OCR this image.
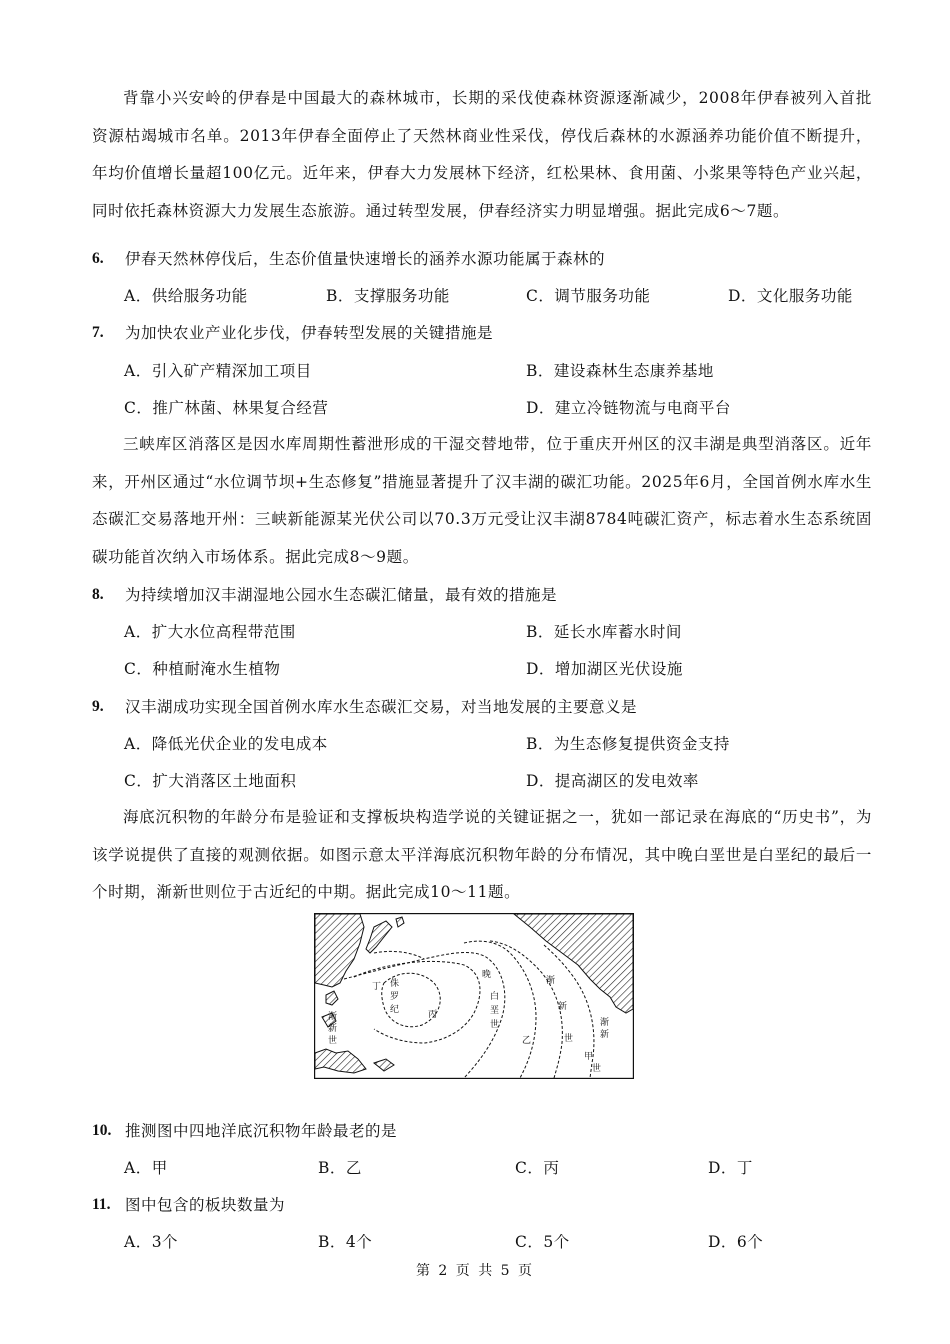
背靠小兴安岭的伊春是中国最大的森林城市，长期的采伐使森林资源逐渐减少，2008年伊春被列入首批资源枯竭城市名单。2013年伊春全面停止了天然林商业性采伐，停伐后森林的水源涵养功能价值不断提升，年均价值增长量超100亿元。近年来，伊春大力发展林下经济，红松果林、食用菌、小浆果等特色产业兴起，同时依托森林资源大力发展生态旅游。通过转型发展，伊春经济实力明显增强。据此完成6～7题。

6. 伊春天然林停伐后，生态价值量快速增长的涵养水源功能属于森林的
A．供给服务功能	B．支撑服务功能	C．调节服务功能	D．文化服务功能
7. 为加快农业产业化步伐，伊春转型发展的关键措施是
A．引入矿产精深加工项目	B．建设森林生态康养基地
C．推广林菌、林果复合经营	D．建立冷链物流与电商平台

三峡库区消落区是因水库周期性蓄泄形成的干湿交替地带，位于重庆开州区的汉丰湖是典型消落区。近年来，开州区通过“水位调节坝+生态修复”措施显著提升了汉丰湖的碳汇功能。2025年6月，全国首例水库水生态碳汇交易落地开州：三峡新能源某光伏公司以70.3万元受让汉丰湖8784吨碳汇资产，标志着水生态系统固碳功能首次纳入市场体系。据此完成8～9题。

8. 为持续增加汉丰湖湿地公园水生态碳汇储量，最有效的措施是
A．扩大水位高程带范围	B．延长水库蓄水时间
C．种植耐淹水生植物	D．增加湖区光伏设施
9. 汉丰湖成功实现全国首例水库水生态碳汇交易，对当地发展的主要意义是
A．降低光伏企业的发电成本	B．为生态修复提供资金支持
C．扩大消落区土地面积	D．提高湖区的发电效率

海底沉积物的年龄分布是验证和支撑板块构造学说的关键证据之一，犹如一部记录在海底的“历史书”，为该学说提供了直接的观测依据。如图示意太平洋海底沉积物年龄的分布情况，其中晚白垩世是白垩纪的最后一个时期，渐新世则位于古近纪的中期。据此完成10～11题。

丁 侏
罗
纪	丙
晚
白
垩
世
乙
渐
新
世
渐
新
世
渐
新
甲
世
10. 推测图中四地洋底沉积物年龄最老的是
A．甲	B．乙	C．丙	D．丁
11. 图中包含的板块数量为
A．3个	B．4个	C．5个	D．6个
第 2 页 共 5 页
